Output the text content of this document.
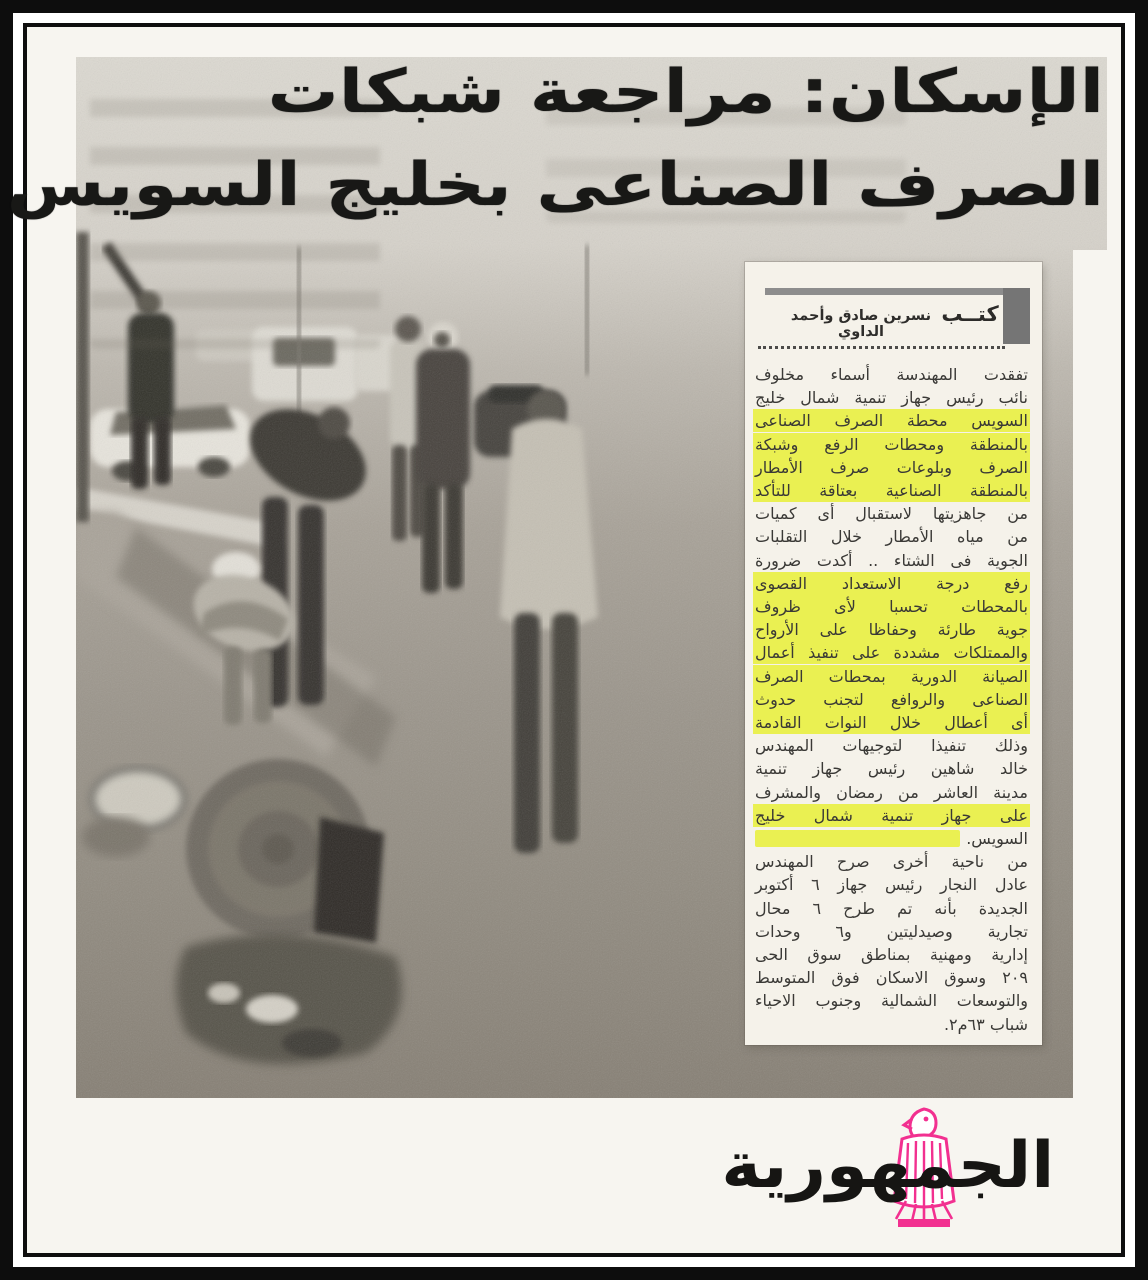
الإسكان: مراجعة شبكات
الصرف الصناعى بخليج السويس
كتــب
نسرين صادق وأحمد الداوي
تفقدت المهندسة أسماء مخلوف
نائب رئيس جهاز تنمية شمال خليج
السويس محطة الصرف الصناعى
بالمنطقة ومحطات الرفع وشبكة
الصرف وبلوعات صرف الأمطار
بالمنطقة الصناعية بعتاقة للتأكد
من جاهزيتها لاستقبال أى كميات
من مياه الأمطار خلال التقلبات
الجوية فى الشتاء .. أكدت ضرورة
رفع درجة الاستعداد القصوى
بالمحطات تحسبا لأى ظروف
جوية طارئة وحفاظا على الأرواح
والممتلكات مشددة على تنفيذ أعمال
الصيانة الدورية بمحطات الصرف
الصناعى والروافع لتجنب حدوث
أى أعطال خلال النوات القادمة
وذلك تنفيذا لتوجيهات المهندس
خالد شاهين رئيس جهاز تنمية
مدينة العاشر من رمضان والمشرف
على جهاز تنمية شمال خليج
السويس.
من ناحية أخرى صرح المهندس
عادل النجار رئيس جهاز ٦ أكتوبر
الجديدة بأنه تم طرح ٦ محال
تجارية وصيدليتين و٦ وحدات
إدارية ومهنية بمناطق سوق الحى
٢٠٩ وسوق الاسكان فوق المتوسط
والتوسعات الشمالية وجنوب الاحياء
شباب ٦٣م٢.
الجمهورية
